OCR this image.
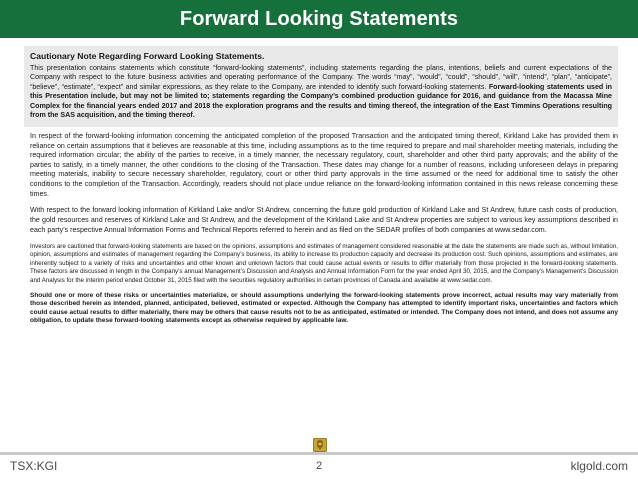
Forward Looking Statements

Cautionary Note Regarding Forward Looking Statements.

This presentation contains statements which constitute “forward-looking statements”, including statements regarding the plans, intentions, beliefs and current expectations of the Company with respect to the future business activities and operating performance of the Company. The words “may”, “would”, “could”, “should”, “will”, “intend”, “plan”, “anticipate”, “believe”, “estimate”, “expect” and similar expressions, as they relate to the Company, are intended to identify such forward-looking statements. Forward-looking statements used in this Presentation include, but may not be limited to; statements regarding the Company’s combined production guidance for 2016, and guidance from the Macassa Mine Complex for the financial years ended 2017 and 2018 the exploration programs and the results and timing thereof, the integration of the East Timmins Operations resulting from the SAS acquisition, and the timing thereof.

In respect of the forward-looking information concerning the anticipated completion of the proposed Transaction and the anticipated timing thereof, Kirkland Lake has provided them in reliance on certain assumptions that it believes are reasonable at this time, including assumptions as to the time required to prepare and mail shareholder meeting materials, including the required information circular; the ability of the parties to receive, in a timely manner, the necessary regulatory, court, shareholder and other third party approvals; and the ability of the parties to satisfy, in a timely manner, the other conditions to the closing of the Transaction. These dates may change for a number of reasons, including unforeseen delays in preparing meeting materials, inability to secure necessary shareholder, regulatory, court or other third party approvals in the time assumed or the need for additional time to satisfy the other conditions to the completion of the Transaction. Accordingly, readers should not place undue reliance on the forward-looking information contained in this news release concerning these times.

With respect to the forward looking information of Kirkland Lake and/or St Andrew, concerning the future gold production of Kirkland Lake and St Andrew, future cash costs of production, the gold resources and reserves of Kirkland Lake and St Andrew, and the development of the Kirkland Lake and St Andrew properties are subject to various key assumptions described in each party’s respective Annual Information Forms and Technical Reports referred to herein and as filed on the SEDAR profiles of both companies at www.sedar.com.

Investors are cautioned that forward-looking statements are based on the opinions, assumptions and estimates of management considered reasonable at the date the statements are made such as, without limitation, opinion, assumptions and estimates of management regarding the Company’s business, its ability to increase its production capacity and decrease its production cost. Such opinions, assumptions and estimates, are inherently subject to a variety of risks and uncertainties and other known and unknown factors that could cause actual events or results to differ materially from those projected in the forward-looking statements. These factors are discussed in length in the Company’s annual Management’s Discussion and Analysis and Annual Information Form for the year ended April 30, 2015, and the Company’s Management’s Discussion and Analysis for the interim period ended October 31, 2015 filed with the securities regulatory authorities in certain provinces of Canada and available at www.sedar.com.

Should one or more of these risks or uncertainties materialize, or should assumptions underlying the forward-looking statements prove incorrect, actual results may vary materially from those described herein as intended, planned, anticipated, believed, estimated or expected. Although the Company has attempted to identify important risks, uncertainties and factors which could cause actual results to differ materially, there may be others that cause results not to be as anticipated, estimated or intended. The Company does not intend, and does not assume any obligation, to update these forward-looking statements except as otherwise required by applicable law.

TSX:KGI	2	klgold.com
